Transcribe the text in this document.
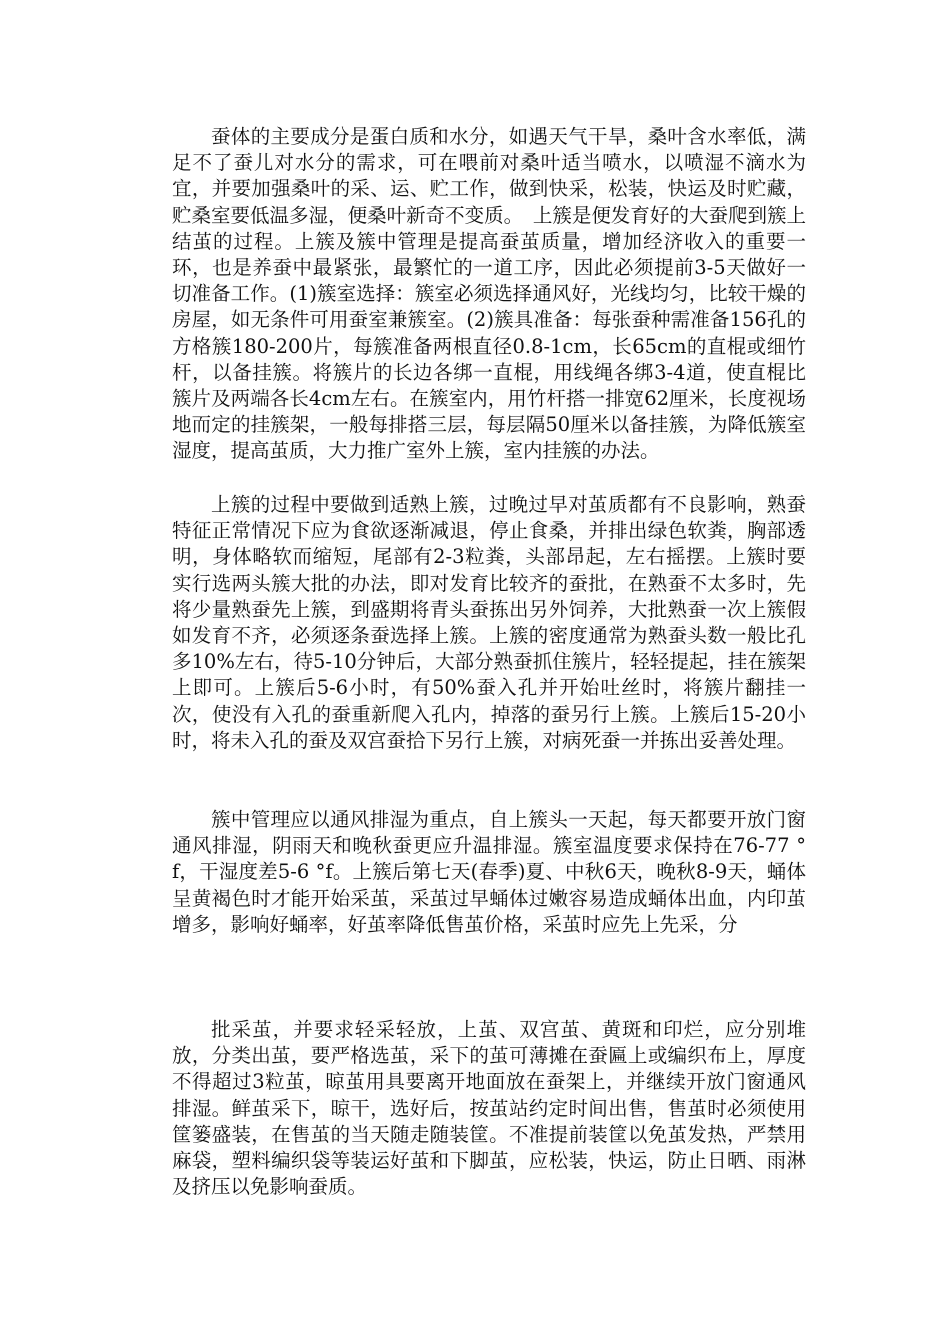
蚕体的主要成分是蛋白质和水分，如遇天气干旱，桑叶含水率低，满足不了蚕儿对水分的需求，可在喂前对桑叶适当喷水，以喷湿不滴水为宜，并要加强桑叶的采、运、贮工作，做到快采，松装，快运及时贮藏，贮桑室要低温多湿，便桑叶新奇不变质。　上簇是便发育好的大蚕爬到簇上结茧的过程。上簇及簇中管理是提高蚕茧质量，增加经济收入的重要一环，也是养蚕中最紧张，最繁忙的一道工序，因此必须提前3-5天做好一切准备工作。(1)簇室选择：簇室必须选择通风好，光线均匀，比较干燥的房屋，如无条件可用蚕室兼簇室。(2)簇具准备：每张蚕种需准备156孔的方格簇180-200片，每簇准备两根直径0.8-1cm，长65cm的直棍或细竹杆，以备挂簇。将簇片的长边各绑一直棍，用线绳各绑3-4道，使直棍比簇片及两端各长4cm左右。在簇室内，用竹杆搭一排宽62厘米，长度视场地而定的挂簇架，一般每排搭三层，每层隔50厘米以备挂簇，为降低簇室湿度，提高茧质，大力推广室外上簇，室内挂簇的办法。

上簇的过程中要做到适熟上簇，过晚过早对茧质都有不良影响，熟蚕特征正常情况下应为食欲逐渐减退，停止食桑，并排出绿色软粪，胸部透明，身体略软而缩短，尾部有2-3粒粪，头部昂起，左右摇摆。上簇时要实行选两头簇大批的办法，即对发育比较齐的蚕批，在熟蚕不太多时，先将少量熟蚕先上簇，到盛期将青头蚕拣出另外饲养，大批熟蚕一次上簇假如发育不齐，必须逐条蚕选择上簇。上簇的密度通常为熟蚕头数一般比孔多10%左右，待5-10分钟后，大部分熟蚕抓住簇片，轻轻提起，挂在簇架上即可。上簇后5-6小时，有50%蚕入孔并开始吐丝时，将簇片翻挂一次，使没有入孔的蚕重新爬入孔内，掉落的蚕另行上簇。上簇后15-20小时，将未入孔的蚕及双宫蚕拾下另行上簇，对病死蚕一并拣出妥善处理。

簇中管理应以通风排湿为重点，自上簇头一天起，每天都要开放门窗通风排湿，阴雨天和晚秋蚕更应升温排湿。簇室温度要求保持在76-77 °f，干湿度差5-6 °f。上簇后第七天(春季)夏、中秋6天，晚秋8-9天，蛹体呈黄褐色时才能开始采茧，采茧过早蛹体过嫩容易造成蛹体出血，内印茧增多，影响好蛹率，好茧率降低售茧价格，采茧时应先上先采，分

批采茧，并要求轻采轻放，上茧、双宫茧、黄斑和印烂，应分别堆放，分类出茧，要严格选茧，采下的茧可薄摊在蚕匾上或编织布上，厚度不得超过3粒茧，晾茧用具要离开地面放在蚕架上，并继续开放门窗通风排湿。鲜茧采下，晾干，选好后，按茧站约定时间出售，售茧时必须使用筐篓盛装，在售茧的当天随走随装筐。不准提前装筐以免茧发热，严禁用麻袋，塑料编织袋等装运好茧和下脚茧，应松装，快运，防止日晒、雨淋及挤压以免影响蚕质。
